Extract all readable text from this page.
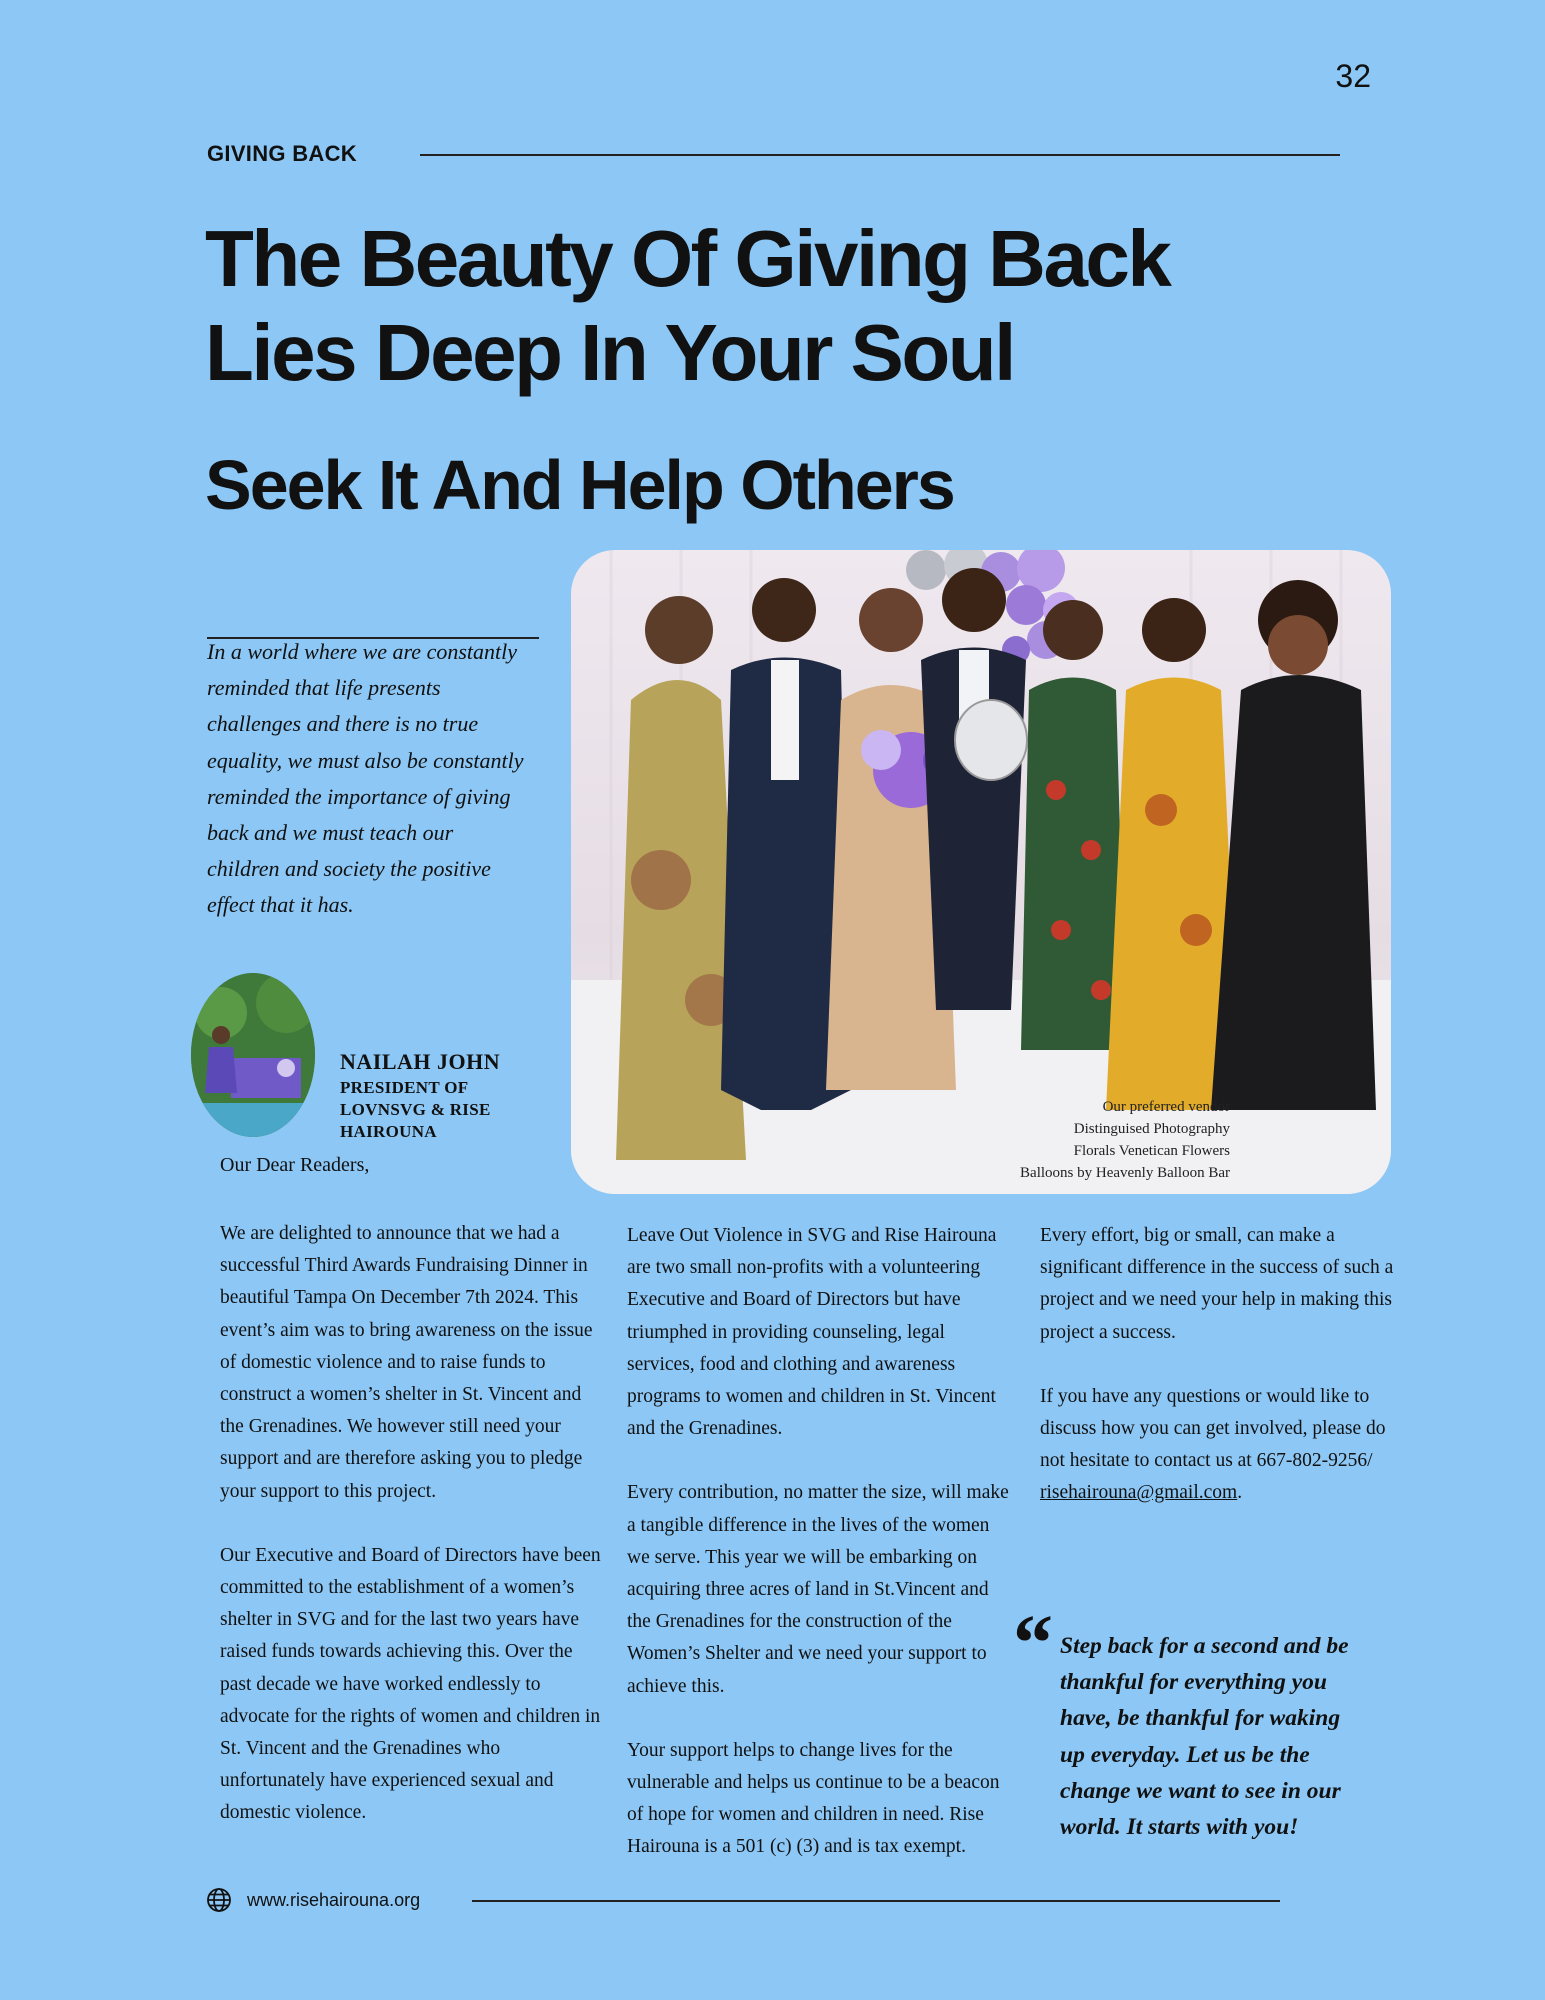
32
GIVING BACK
The Beauty Of Giving Back Lies Deep In Your Soul
Seek It And Help Others
Our preferred vendor
Distinguised Photography
Florals Venetican Flowers
Balloons by Heavenly Balloon Bar

In a world where we are constantly reminded that life presents challenges and there is no true equality, we must also be constantly reminded the importance of giving back and we must teach our children and society the positive effect that it has.

NAILAH JOHN
PRESIDENT OF LOVNSVG & RISE HAIROUNA
Our Dear Readers,

We are delighted to announce that we had a successful Third Awards Fundraising Dinner in beautiful Tampa On December 7th 2024. This event’s aim was to bring awareness on the issue of domestic violence and to raise funds to construct a women’s shelter in St. Vincent and the Grenadines. We however still need your support and are therefore asking you to pledge your support to this project.

Our Executive and Board of Directors have been committed to the establishment of a women’s shelter in SVG and for the last two years have raised funds towards achieving this. Over the past decade we have worked endlessly to advocate for the rights of women and children in St. Vincent and the Grenadines who unfortunately have experienced sexual and domestic violence.

Leave Out Violence in SVG and Rise Hairouna are two small non-profits with a volunteering Executive and Board of Directors but have triumphed in providing counseling, legal services, food and clothing and awareness programs to women and children in St. Vincent and the Grenadines.

Every contribution, no matter the size, will make a tangible difference in the lives of the women we serve. This year we will be embarking on acquiring three acres of land in St.Vincent and the Grenadines for the construction of the Women’s Shelter and we need your support to achieve this.

Your support helps to change lives for the vulnerable and helps us continue to be a beacon of hope for women and children in need. Rise Hairouna is a 501 (c) (3) and is tax exempt.

Every effort, big or small, can make a significant difference in the success of such a project and we need your help in making this project a success.

If you have any questions or would like to discuss how you can get involved, please do not hesitate to contact us at 667-802-9256/ risehairouna@gmail.com.

“ Step back for a second and be thankful for everything you have, be thankful for waking up everyday. Let us be the change we want to see in our world. It starts with you!

www.risehairouna.org
